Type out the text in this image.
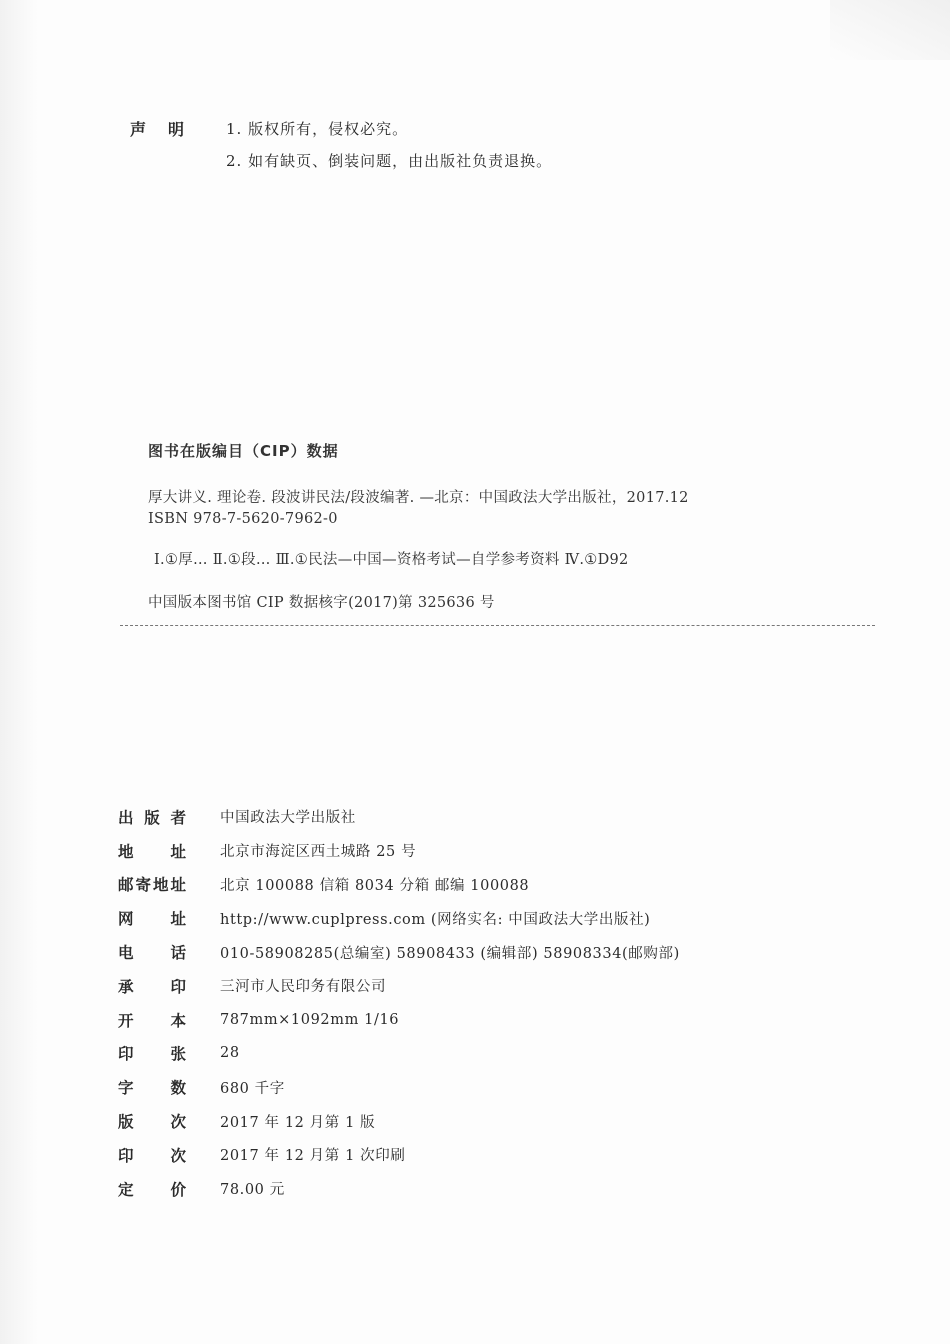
声明	1. 版权所有，侵权必究。
2. 如有缺页、倒装问题，由出版社负责退换。
图书在版编目（CIP）数据
厚大讲义. 理论卷. 段波讲民法/段波编著. —北京：中国政法大学出版社，2017.12
ISBN 978-7-5620-7962-0
Ⅰ.①厚… Ⅱ.①段… Ⅲ.①民法—中国—资格考试—自学参考资料 Ⅳ.①D92
中国版本图书馆 CIP 数据核字(2017)第 325636 号
出版者	中国政法大学出版社
地址	北京市海淀区西土城路 25 号
邮寄地址	北京 100088 信箱 8034 分箱 邮编 100088
网址	http://www.cuplpress.com (网络实名: 中国政法大学出版社)
电话	010-58908285(总编室) 58908433 (编辑部) 58908334(邮购部)
承印	三河市人民印务有限公司
开本	787mm×1092mm 1/16
印张	28
字数	680 千字
版次	2017 年 12 月第 1 版
印次	2017 年 12 月第 1 次印刷
定价	78.00 元
